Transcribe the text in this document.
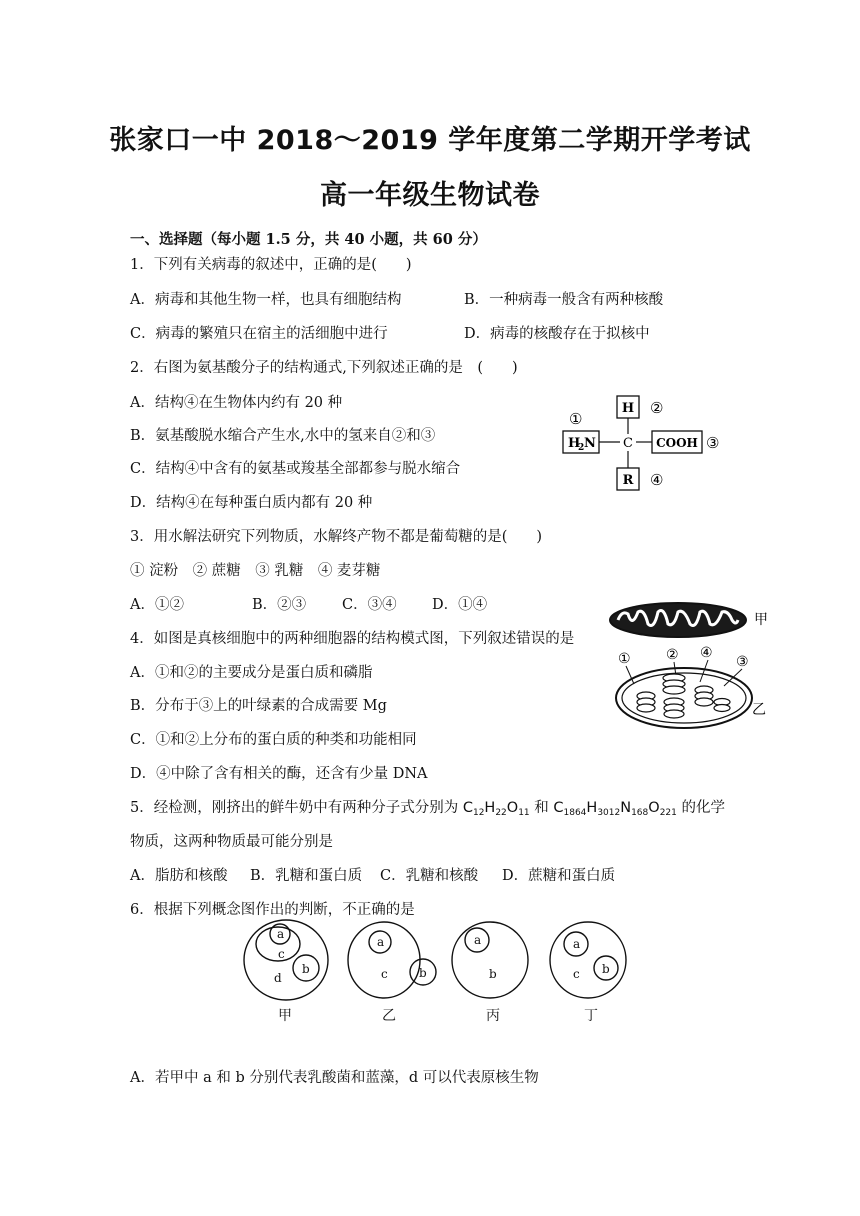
张家口一中 2018～2019 学年度第二学期开学考试
高一年级生物试卷
一、选择题（每小题 1.5 分，共 40 小题，共 60 分）
1．下列有关病毒的叙述中，正确的是(　　)
A．病毒和其他生物一样，也具有细胞结构	B．一种病毒一般含有两种核酸
C．病毒的繁殖只在宿主的活细胞中进行	D．病毒的核酸存在于拟核中
2．右图为氨基酸分子的结构通式,下列叙述正确的是　(　　)
A．结构④在生物体内约有 20 种
B．氨基酸脱水缩合产生水,水中的氢来自②和③
C．结构④中含有的氨基或羧基全部都参与脱水缩合
D．结构④在每种蛋白质内都有 20 种
H ②
C
①
H
2 N	COOH ③
R ④
3．用水解法研究下列物质，水解终产物不都是葡萄糖的是(　　)
① 淀粉　② 蔗糖　③ 乳糖　④ 麦芽糖
A．①②	B．②③ C．③④ D．①④
4．如图是真核细胞中的两种细胞器的结构模式图，下列叙述错误的是
A．①和②的主要成分是蛋白质和磷脂
B．分布于③上的叶绿素的合成需要 Mg
C．①和②上分布的蛋白质的种类和功能相同
D．④中除了含有相关的酶，还含有少量 DNA
甲
①	② ④
③
乙
5．经检测，刚挤出的鲜牛奶中有两种分子式分别为 $C_{12}H_{22}O_{11}$ 和 $C_{1864}H_{3012}N_{168}O_{221}$ 的化学
物质，这两种物质最可能分别是
A．脂肪和核酸 B．乳糖和蛋白质 C．乳糖和核酸 D．蔗糖和蛋白质
6．根据下列概念图作出的判断，不正确的是
a
c
d
b
甲
a
c	b
乙
a
b
丙
a
c b
丁
A．若甲中 a 和 b 分别代表乳酸菌和蓝藻，d 可以代表原核生物
